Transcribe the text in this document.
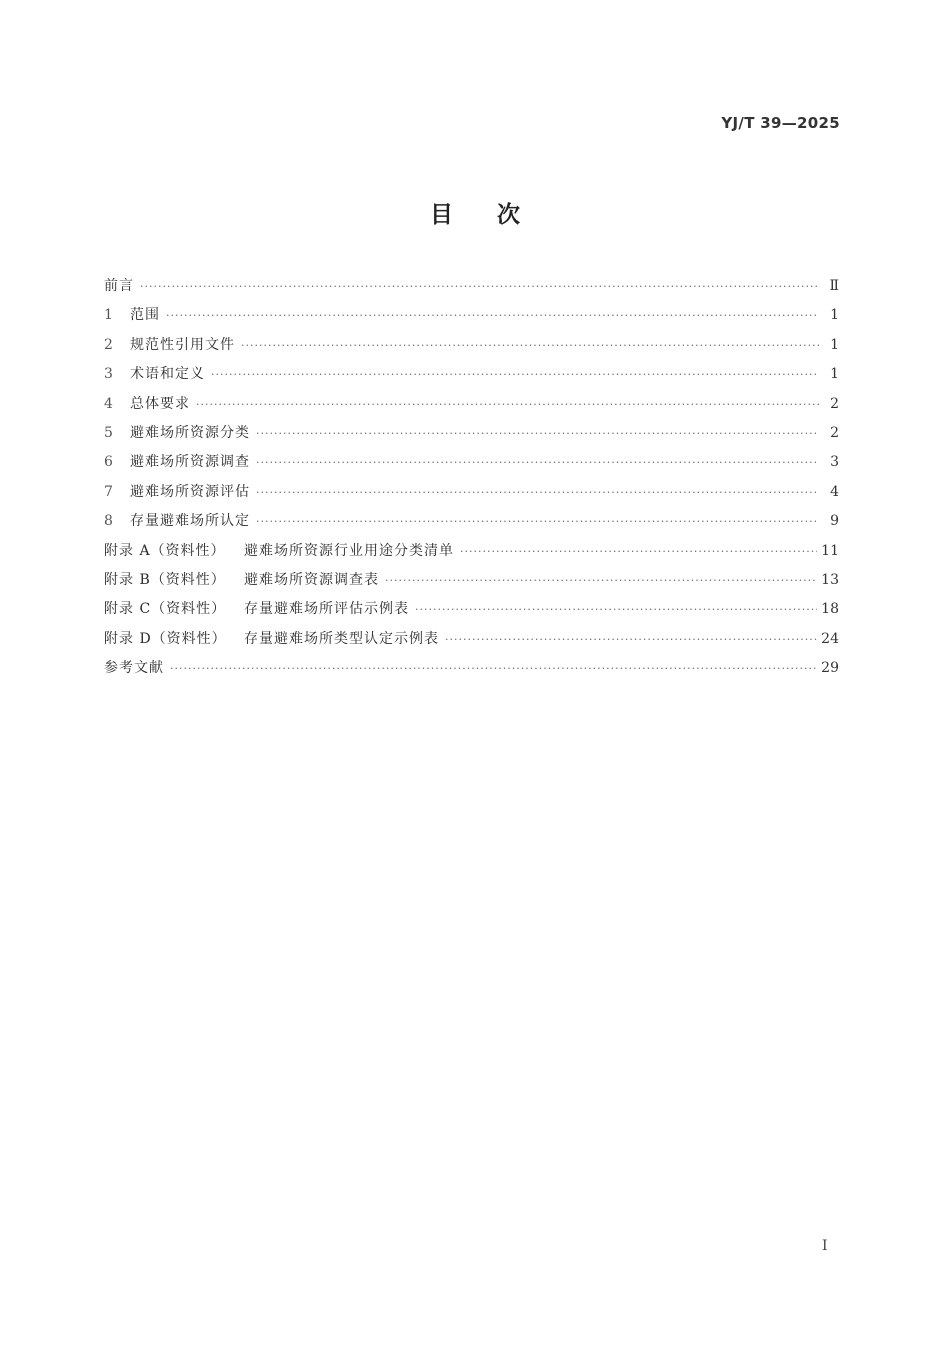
YJ/T 39—2025
目次
前言 ·····	Ⅱ
1 范围 ·····	1
2 规范性引用文件 ·····	1
3 术语和定义 ·····	1
4 总体要求 ·····	2
5 避难场所资源分类 ·····	2
6 避难场所资源调查 ·····	3
7 避难场所资源评估 ·····	4
8 存量避难场所认定 ·····	9
附录 A（资料性） 避难场所资源行业用途分类清单 ·····	11
附录 B（资料性） 避难场所资源调查表 ·····	13
附录 C（资料性） 存量避难场所评估示例表 ·····	18
附录 D（资料性） 存量避难场所类型认定示例表 ·····	24
参考文献 ·····	29
I
